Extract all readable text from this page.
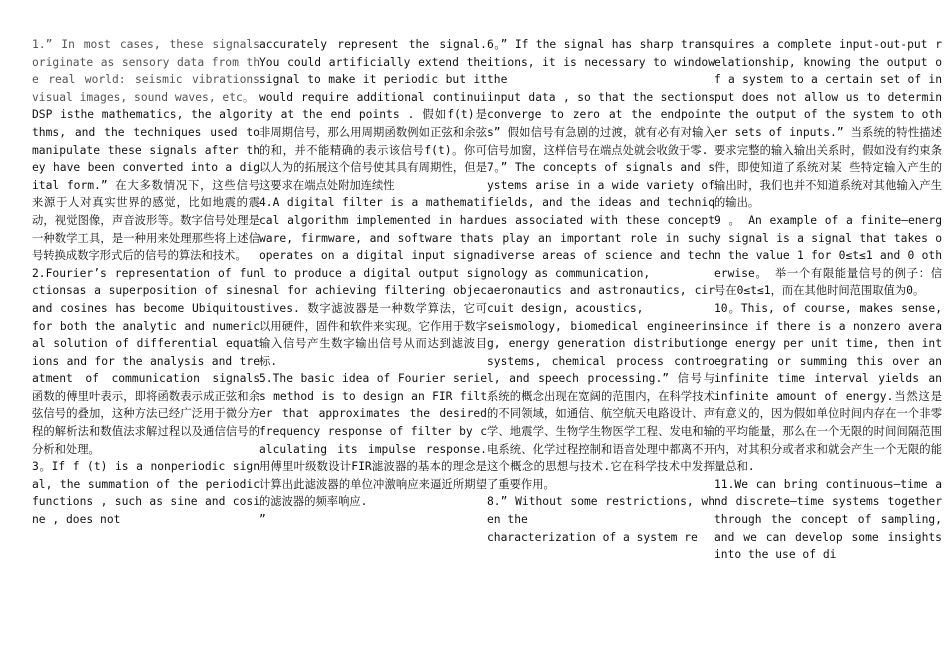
1.” In most cases, these signals originate as sensory data from the real world: seismic vibrations visual images, sound waves, etc。

DSP isthe mathematics, the algorithms, and the techniques used to manipulate these signals after they have been converted into a digital form.” 在大多数情况下，这些信号来源于人对真实世界的感觉，比如地震的震动，视觉图像，声音波形等。数字信号处理是一种数学工具，是一种用来处理那些将上述信号转换成数字形式后的信号的算法和技术。

2.Fourier’s representation of functionsas a superposition of sines and cosines has become Ubiquitous for both the analytic and numerical solution of differential equations and for the analysis and treatment of communication signals 函数的傅里叶表示，即将函数表示成正弦和余弦信号的叠加，这种方法已经广泛用于微分方程的解析法和数值法求解过程以及通信信号的分析和处理。

3。If f (t) is a nonperiodic signal, the summation of the periodic functions , such as sine and cosine , does not

accurately represent the signal. You could artificially extend the signal to make it periodic but it would require additional continuity at the end points . 假如f(t)是非周期信号，那么用周期函数例如正弦和余弦的和，并不能精确的表示该信号f(t)。你可以人为的拓展这个信号使其具有周期性，但是这要求在端点处附加连续性

4.A digital filter is a mathematical algorithm implemented in hardware, firmware, and software that operates on a digital input signal to produce a digital output signal for achieving filtering objectives. 数字滤波器是一种数学算法，它可以用硬件，固件和软件来实现。它作用于数字输入信号产生数字输出信号从而达到滤波目标.

5.The basic idea of Fourier series method is to design an FIR filter that approximates the desired frequency response of filter by calculating its impulse response. 用傅里叶级数设计FIR滤波器的基本的理念是计算出此滤波器的单位冲激响应来逼近所期望的滤波器的频率响应.

”

6。” If the signal has sharp transitions, it is necessary to window the

input data , so that the sections converge to zero at the endpoints” 假如信号有急剧的过渡，就有必有对输入信号加窗，这样信号在端点处就会收敛于零.

7。” The concepts of signals and systems arise in a wide variety of fields, and the ideas and techniques associated with these concepts play an important role in such diverse areas of science and technology as communication,

aeronautics and astronautics, circuit design, acoustics,

seismology, biomedical engineering, energy generation distribution systems, chemical process control, and speech processing.” 信号与系统的概念出现在宽阔的范围内，在科学技术的不同领域，如通信、航空航天电路设计、声学、地震学、生物学生物医学工程、发电和输电系统、化学过程控制和语音处理中都离不开这个概念的思想与技术.它在科学技术中发挥了重要作用。

8.” Without some restrictions, when the

characterization of a system re

quires a complete input-out-put relationship, knowing the output of a system to a certain set of input does not allow us to determine the output of the system to other sets of inputs.” 当系统的特性描述要求完整的输入输出关系时，假如没有约束条件，即使知道了系统对某 些特定输入产生的输出时，我们也并不知道系统对其他输入产生的输出。

9 。 An example of a finite—energy signal is a signal that takes on the value 1 for 0≤t≤1 and 0 otherwise。 举一个有限能量信号的例子：信号在0≤t≤1，而在其他时间范围取值为0。

10。This, of course, makes sense, since if there is a nonzero average energy per unit time, then integrating or summing this over an infinite time interval yields an infinite amount of energy.当然这是有意义的，因为假如单位时间内存在一个非零的平均能量，那么在一个无限的时间间隔范围内，对其积分或者求和就会产生一个无限的能量总和.

11.We can bring continuous—time and discrete—time systems together through the concept of sampling, and we can develop some insights into the use of di
